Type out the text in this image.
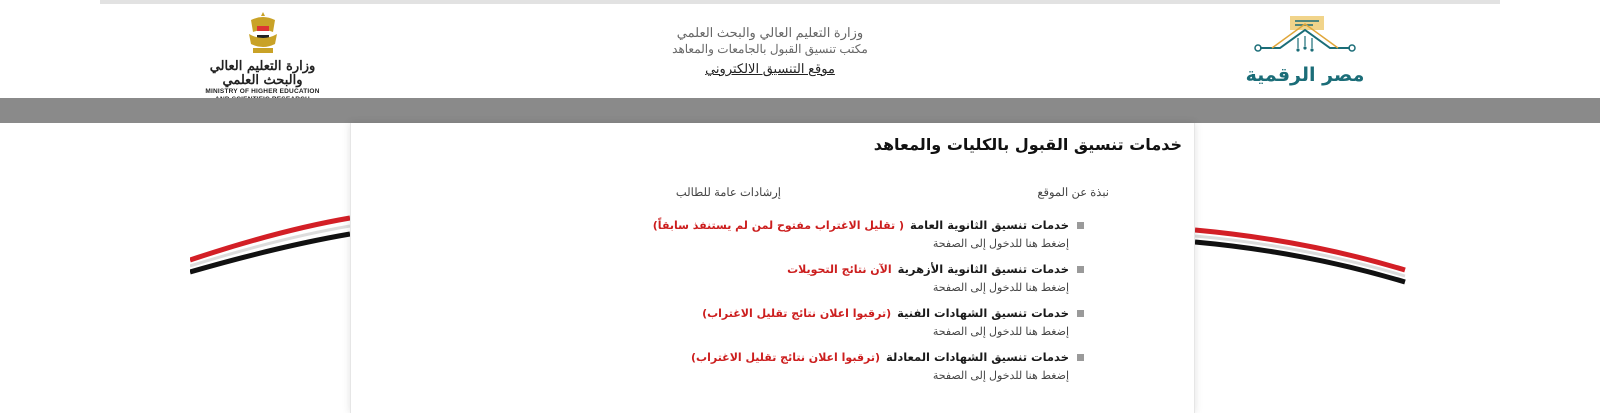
وزارة التعليم العالي والبحث العلمي
MINISTRY OF HIGHER EDUCATION
وزارة التعليم العالي والبحث العلمي
مكتب تنسيق القبول بالجامعات والمعاهد
موقع التنسيق الالكتروني	مصر الرقمية
خدمات تنسيق القبول بالكليات والمعاهد
نبذة عن الموقع
إرشادات عامة للطالب
خدمات تنسيق الثانوية العامة
( تقليل الاغتراب مفتوح لمن لم يستنفذ سابقاً)
إضغط هنا للدخول إلى الصفحة
خدمات تنسيق الثانوية الأزهرية
الآن نتائج التحويلات
إضغط هنا للدخول إلى الصفحة
خدمات تنسيق الشهادات الفنية
(ترقبوا اعلان نتائج تقليل الاغتراب)
إضغط هنا للدخول إلى الصفحة
خدمات تنسيق الشهادات المعادلة
(ترقبوا اعلان نتائج تقليل الاغتراب)
إضغط هنا للدخول إلى الصفحة
